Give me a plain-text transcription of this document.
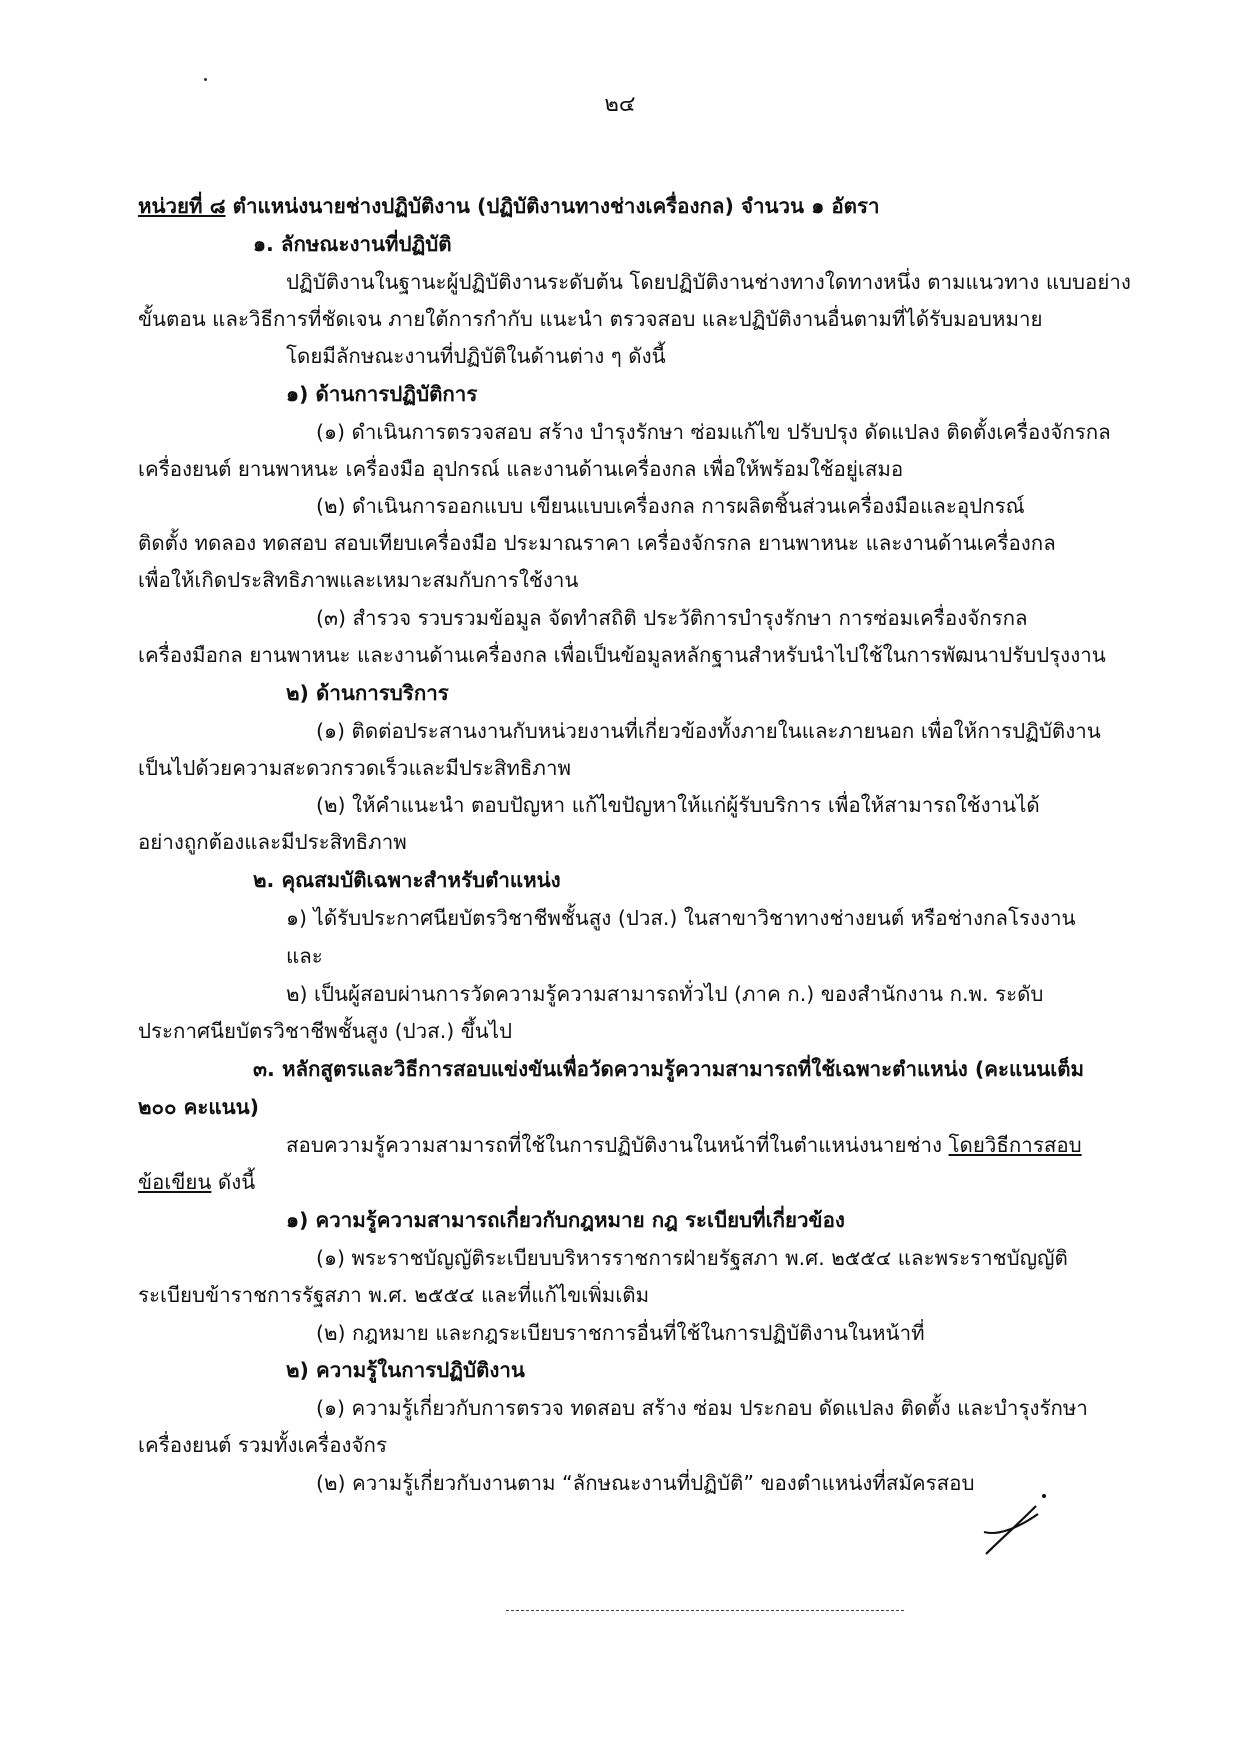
๒๔
หน่วยที่ ๘ ตำแหน่งนายช่างปฏิบัติงาน (ปฏิบัติงานทางช่างเครื่องกล) จำนวน ๑ อัตรา
๑. ลักษณะงานที่ปฏิบัติ
ปฏิบัติงานในฐานะผู้ปฏิบัติงานระดับต้น โดยปฏิบัติงานช่างทางใดทางหนึ่ง ตามแนวทาง แบบอย่าง
ขั้นตอน และวิธีการที่ชัดเจน ภายใต้การกำกับ แนะนำ ตรวจสอบ และปฏิบัติงานอื่นตามที่ได้รับมอบหมาย
โดยมีลักษณะงานที่ปฏิบัติในด้านต่าง ๆ ดังนี้
๑) ด้านการปฏิบัติการ
(๑) ดำเนินการตรวจสอบ สร้าง บำรุงรักษา ซ่อมแก้ไข ปรับปรุง ดัดแปลง ติดตั้งเครื่องจักรกล
เครื่องยนต์ ยานพาหนะ เครื่องมือ อุปกรณ์ และงานด้านเครื่องกล เพื่อให้พร้อมใช้อยู่เสมอ
(๒) ดำเนินการออกแบบ เขียนแบบเครื่องกล การผลิตชิ้นส่วนเครื่องมือและอุปกรณ์
ติดตั้ง ทดลอง ทดสอบ สอบเทียบเครื่องมือ ประมาณราคา เครื่องจักรกล ยานพาหนะ และงานด้านเครื่องกล
เพื่อให้เกิดประสิทธิภาพและเหมาะสมกับการใช้งาน
(๓) สำรวจ รวบรวมข้อมูล จัดทำสถิติ ประวัติการบำรุงรักษา การซ่อมเครื่องจักรกล
เครื่องมือกล ยานพาหนะ และงานด้านเครื่องกล เพื่อเป็นข้อมูลหลักฐานสำหรับนำไปใช้ในการพัฒนาปรับปรุงงาน
๒) ด้านการบริการ
(๑) ติดต่อประสานงานกับหน่วยงานที่เกี่ยวข้องทั้งภายในและภายนอก เพื่อให้การปฏิบัติงาน
เป็นไปด้วยความสะดวกรวดเร็วและมีประสิทธิภาพ
(๒) ให้คำแนะนำ ตอบปัญหา แก้ไขปัญหาให้แก่ผู้รับบริการ เพื่อให้สามารถใช้งานได้
อย่างถูกต้องและมีประสิทธิภาพ
๒. คุณสมบัติเฉพาะสำหรับตำแหน่ง
๑) ได้รับประกาศนียบัตรวิชาชีพชั้นสูง (ปวส.) ในสาขาวิชาทางช่างยนต์ หรือช่างกลโรงงาน
และ
๒) เป็นผู้สอบผ่านการวัดความรู้ความสามารถทั่วไป (ภาค ก.) ของสำนักงาน ก.พ. ระดับ
ประกาศนียบัตรวิชาชีพชั้นสูง (ปวส.) ขึ้นไป
๓. หลักสูตรและวิธีการสอบแข่งขันเพื่อวัดความรู้ความสามารถที่ใช้เฉพาะตำแหน่ง (คะแนนเต็ม
๒๐๐ คะแนน)
สอบความรู้ความสามารถที่ใช้ในการปฏิบัติงานในหน้าที่ในตำแหน่งนายช่าง โดยวิธีการสอบ
ข้อเขียน ดังนี้
๑) ความรู้ความสามารถเกี่ยวกับกฎหมาย กฎ ระเบียบที่เกี่ยวข้อง
(๑) พระราชบัญญัติระเบียบบริหารราชการฝ่ายรัฐสภา พ.ศ. ๒๕๕๔ และพระราชบัญญัติ
ระเบียบข้าราชการรัฐสภา พ.ศ. ๒๕๕๔ และที่แก้ไขเพิ่มเติม
(๒) กฎหมาย และกฎระเบียบราชการอื่นที่ใช้ในการปฏิบัติงานในหน้าที่
๒) ความรู้ในการปฏิบัติงาน
(๑) ความรู้เกี่ยวกับการตรวจ ทดสอบ สร้าง ซ่อม ประกอบ ดัดแปลง ติดตั้ง และบำรุงรักษา
เครื่องยนต์ รวมทั้งเครื่องจักร
(๒) ความรู้เกี่ยวกับงานตาม “ลักษณะงานที่ปฏิบัติ” ของตำแหน่งที่สมัครสอบ
